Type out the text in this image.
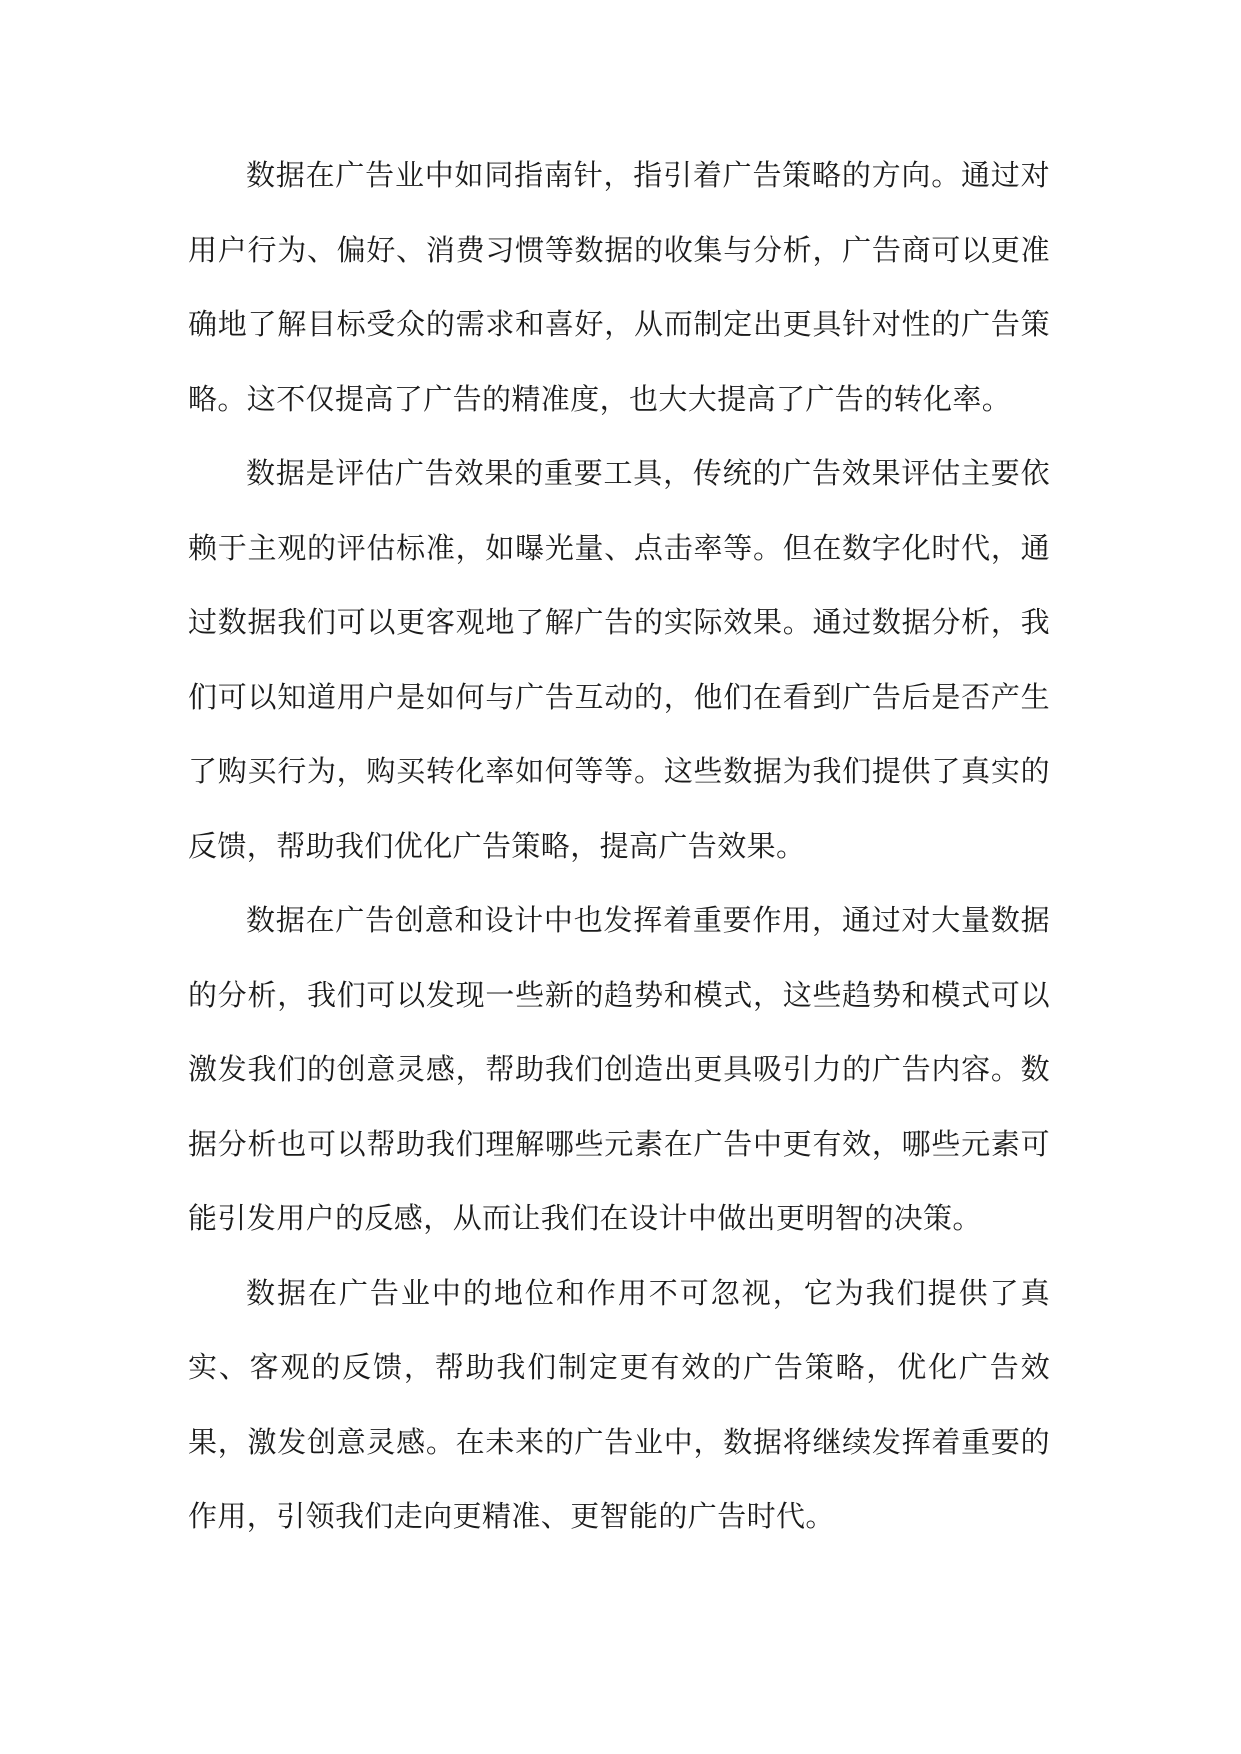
数据在广告业中如同指南针，指引着广告策略的方向。通过对用户行为、偏好、消费习惯等数据的收集与分析，广告商可以更准确地了解目标受众的需求和喜好，从而制定出更具针对性的广告策略。这不仅提高了广告的精准度，也大大提高了广告的转化率。

数据是评估广告效果的重要工具，传统的广告效果评估主要依赖于主观的评估标准，如曝光量、点击率等。但在数字化时代，通过数据我们可以更客观地了解广告的实际效果。通过数据分析，我们可以知道用户是如何与广告互动的，他们在看到广告后是否产生了购买行为，购买转化率如何等等。这些数据为我们提供了真实的反馈，帮助我们优化广告策略，提高广告效果。

数据在广告创意和设计中也发挥着重要作用，通过对大量数据的分析，我们可以发现一些新的趋势和模式，这些趋势和模式可以激发我们的创意灵感，帮助我们创造出更具吸引力的广告内容。数据分析也可以帮助我们理解哪些元素在广告中更有效，哪些元素可能引发用户的反感，从而让我们在设计中做出更明智的决策。

数据在广告业中的地位和作用不可忽视，它为我们提供了真实、客观的反馈，帮助我们制定更有效的广告策略，优化广告效果，激发创意灵感。在未来的广告业中，数据将继续发挥着重要的作用，引领我们走向更精准、更智能的广告时代。
